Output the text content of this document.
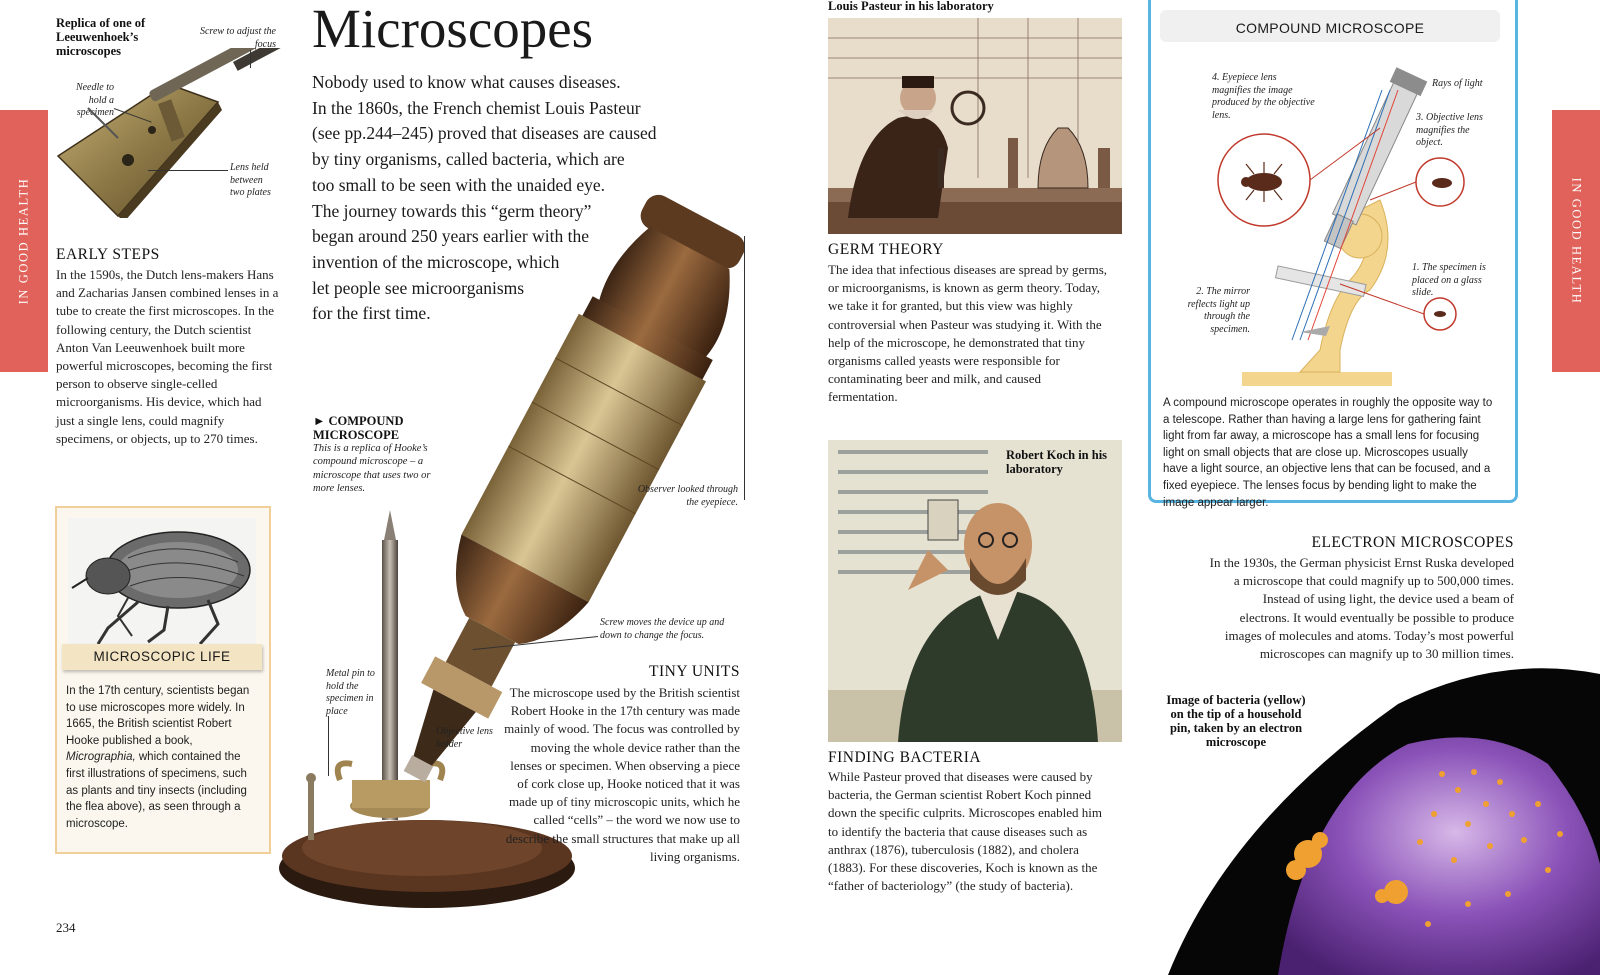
IN GOOD HEALTH	IN GOOD HEALTH
Replica of one of Leeuwenhoek’s microscopes
Screw to adjust the focus
Needle to hold a specimen
Lens held between two plates
EARLY STEPS
In the 1590s, the Dutch lens-makers Hans and Zacharias Jansen combined lenses in a tube to create the first microscopes. In the following century, the Dutch scientist Anton Van Leeuwenhoek built more powerful microscopes, becoming the first person to observe single-celled microorganisms. His device, which had just a single lens, could magnify specimens, or objects, up to 270 times.
MICROSCOPIC LIFE
In the 17th century, scientists began to use microscopes more widely. In 1665, the British scientist Robert Hooke published a book, Micrographia, which contained the first illustrations of specimens, such as plants and tiny insects (including the flea above), as seen through a microscope.
Microscopes
Nobody used to know what causes diseases.
In the 1860s, the French chemist Louis Pasteur
(see pp.244–245) proved that diseases are caused
by tiny organisms, called bacteria, which are
too small to be seen with the unaided eye.
The journey towards this “germ theory”
began around 250 years earlier with the
invention of the microscope, which
let people see microorganisms
for the first time.
► COMPOUND MICROSCOPE
This is a replica of Hooke’s compound microscope – a microscope that uses two or more lenses.	Observer looked through the eyepiece.
Screw moves the device up and down to change the focus.
Metal pin to hold the specimen in place
Objective lens holder
TINY UNITS
The microscope used by the British scientist Robert Hooke in the 17th century was made mainly of wood. The focus was controlled by moving the whole device rather than the lenses or specimen. When observing a piece of cork close up, Hooke noticed that it was made up of tiny microscopic units, which he called “cells” – the word we now use to describe the small structures that make up all living organisms.
Louis Pasteur in his laboratory
GERM THEORY
The idea that infectious diseases are spread by germs, or microorganisms, is known as germ theory. Today, we take it for granted, but this view was highly controversial when Pasteur was studying it. With the help of the microscope, he demonstrated that tiny organisms called yeasts were responsible for contaminating beer and milk, and caused fermentation.
Robert Koch in his laboratory
FINDING BACTERIA
While Pasteur proved that diseases were caused by bacteria, the German scientist Robert Koch pinned down the specific culprits. Microscopes enabled him to identify the bacteria that cause diseases such as anthrax (1876), tuberculosis (1882), and cholera (1883). For these discoveries, Koch is known as the “father of bacteriology” (the study of bacteria).
COMPOUND MICROSCOPE
4. Eyepiece lens magnifies the image produced by the objective lens.
Rays of light
3. Objective lens magnifies the object.
2. The mirror reflects light up through the specimen.
1. The specimen is placed on a glass slide.
A compound microscope operates in roughly the opposite way to a telescope. Rather than having a large lens for gathering faint light from far away, a microscope has a small lens for focusing light on small objects that are close up. Microscopes usually have a light source, an objective lens that can be focused, and a fixed eyepiece. The lenses focus by bending light to make the image appear larger.
ELECTRON MICROSCOPES
In the 1930s, the German physicist Ernst Ruska developed
a microscope that could magnify up to 500,000 times.
Instead of using light, the device used a beam of
electrons. It would eventually be possible to produce
images of molecules and atoms. Today’s most powerful
microscopes can magnify up to 30 million times.
Image of bacteria (yellow) on the tip of a household pin, taken by an electron microscope
234
